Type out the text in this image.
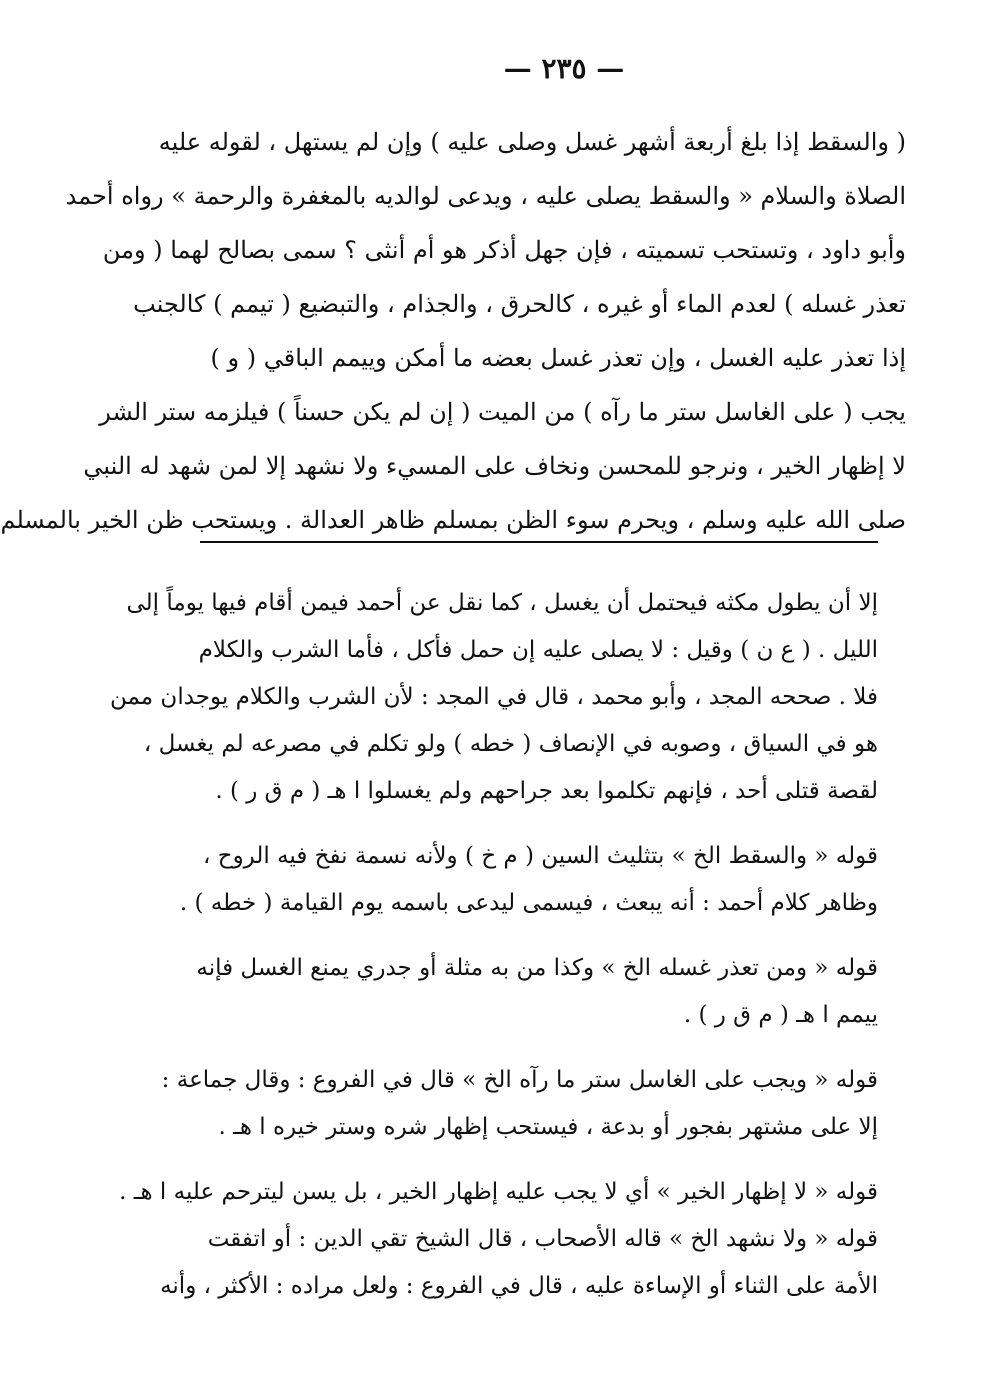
— ٢٣٥ —
( والسقط إذا بلغ أربعة أشهر غسل وصلى عليه ) وإن لم يستهل ، لقوله عليه
الصلاة والسلام « والسقط يصلى عليه ، ويدعى لوالديه بالمغفرة والرحمة » رواه أحمد
وأبو داود ، وتستحب تسميته ، فإن جهل أذكر هو أم أنثى ؟ سمى بصالح لهما ( ومن
تعذر غسله ) لعدم الماء أو غيره ، كالحرق ، والجذام ، والتبضيع ( تيمم ) كالجنب
إذا تعذر عليه الغسل ، وإن تعذر غسل بعضه ما أمكن وييمم الباقي ( و )
يجب ( على الغاسل ستر ما رآه ) من الميت ( إن لم يكن حسناً ) فيلزمه ستر الشر
لا إظهار الخير ، ونرجو للمحسن ونخاف على المسيء ولا نشهد إلا لمن شهد له النبي
صلى الله عليه وسلم ، ويحرم سوء الظن بمسلم ظاهر العدالة . ويستحب ظن الخير بالمسلم
إلا أن يطول مكثه فيحتمل أن يغسل ، كما نقل عن أحمد فيمن أقام فيها يوماً إلى
الليل . ( ع ن ) وقيل : لا يصلى عليه إن حمل فأكل ، فأما الشرب والكلام
فلا . صححه المجد ، وأبو محمد ، قال في المجد : لأن الشرب والكلام يوجدان ممن
هو في السياق ، وصوبه في الإنصاف ( خطه ) ولو تكلم في مصرعه لم يغسل ،
لقصة قتلى أحد ، فإنهم تكلموا بعد جراحهم ولم يغسلوا ا هـ ( م ق ر ) .
قوله « والسقط الخ » بتثليث السين ( م خ ) ولأنه نسمة نفخ فيه الروح ،
وظاهر كلام أحمد : أنه يبعث ، فيسمى ليدعى باسمه يوم القيامة ( خطه ) .
قوله « ومن تعذر غسله الخ » وكذا من به مثلة أو جدري يمنع الغسل فإنه
ييمم ا هـ ( م ق ر ) .
قوله « ويجب على الغاسل ستر ما رآه الخ » قال في الفروع : وقال جماعة :
إلا على مشتهر بفجور أو بدعة ، فيستحب إظهار شره وستر خيره ا هـ .
قوله « لا إظهار الخير » أي لا يجب عليه إظهار الخير ، بل يسن ليترحم عليه ا هـ .
قوله « ولا نشهد الخ » قاله الأصحاب ، قال الشيخ تقي الدين : أو اتفقت
الأمة على الثناء أو الإساءة عليه ، قال في الفروع : ولعل مراده : الأكثر ، وأنه
